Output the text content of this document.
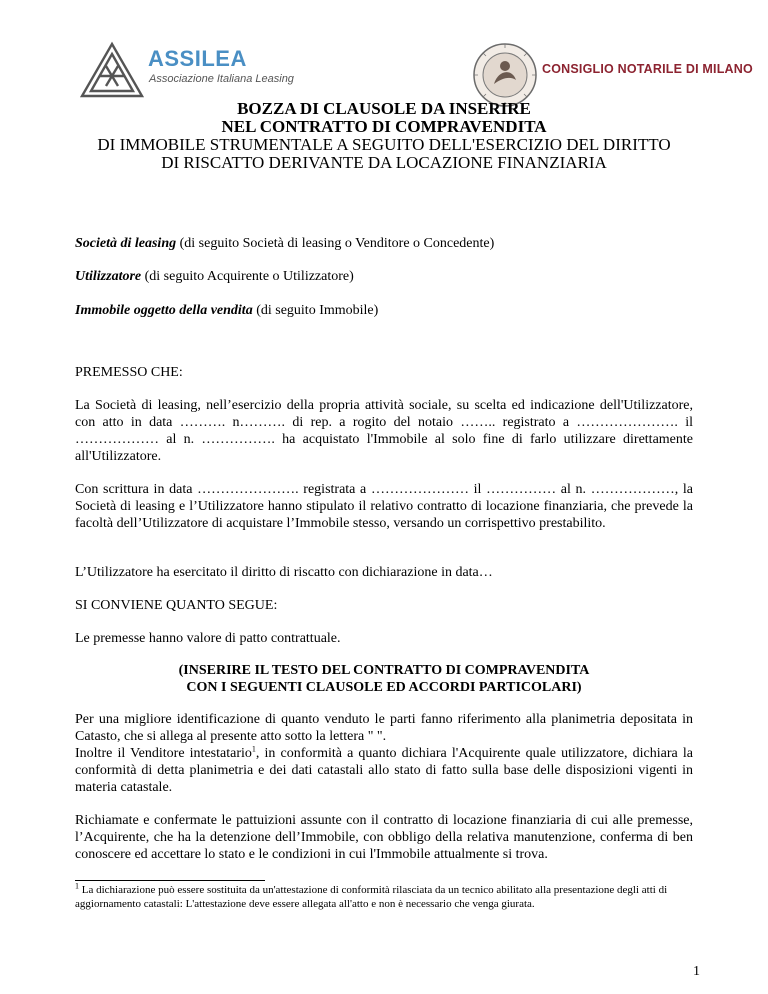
ASSILEA
Associazione Italiana Leasing
CONSIGLIO NOTARILE DI MILANO
BOZZA DI CLAUSOLE DA INSERIRE
NEL CONTRATTO DI COMPRAVENDITA
DI IMMOBILE STRUMENTALE A SEGUITO DELL'ESERCIZIO DEL DIRITTO
DI RISCATTO DERIVANTE DA LOCAZIONE FINANZIARIA
Società di leasing (di seguito Società di leasing o Venditore o Concedente)
Utilizzatore (di seguito Acquirente o Utilizzatore)
Immobile oggetto della vendita (di seguito Immobile)
PREMESSO CHE:
La Società di leasing, nell’esercizio della propria attività sociale, su scelta ed indicazione dell'Utilizzatore, con atto in data ………. n………. di rep. a rogito del notaio …….. registrato a …………………. il ……………… al n. ……………. ha acquistato l'Immobile al solo fine di farlo utilizzare direttamente all'Utilizzatore.
Con scrittura in data …………………. registrata a ………………… il …………… al n. ………………, la Società di leasing e l’Utilizzatore hanno stipulato il relativo contratto di locazione finanziaria, che prevede la facoltà dell’Utilizzatore di acquistare l’Immobile stesso, versando un corrispettivo prestabilito.
L’Utilizzatore ha esercitato il diritto di riscatto con dichiarazione in data…
SI CONVIENE QUANTO SEGUE:
Le premesse hanno valore di patto contrattuale.
(INSERIRE IL TESTO DEL CONTRATTO DI COMPRAVENDITA
CON I SEGUENTI CLAUSOLE ED ACCORDI PARTICOLARI)
Per una migliore identificazione di quanto venduto le parti fanno riferimento alla planimetria depositata in Catasto, che si allega al presente atto sotto la lettera " ".
Inoltre il Venditore intestatario$^1$, in conformità a quanto dichiara l'Acquirente quale utilizzatore, dichiara la conformità di detta planimetria e dei dati catastali allo stato di fatto sulla base delle disposizioni vigenti in materia catastale.
Richiamate e confermate le pattuizioni assunte con il contratto di locazione finanziaria di cui alle premesse, l’Acquirente, che ha la detenzione dell’Immobile, con obbligo della relativa manutenzione, conferma di ben conoscere ed accettare lo stato e le condizioni in cui l'Immobile attualmente si trova.
$^1$ La dichiarazione può essere sostituita da un'attestazione di conformità rilasciata da un tecnico abilitato alla presentazione degli atti di aggiornamento catastali: L'attestazione deve essere allegata all'atto e non è necessario che venga giurata.
1
